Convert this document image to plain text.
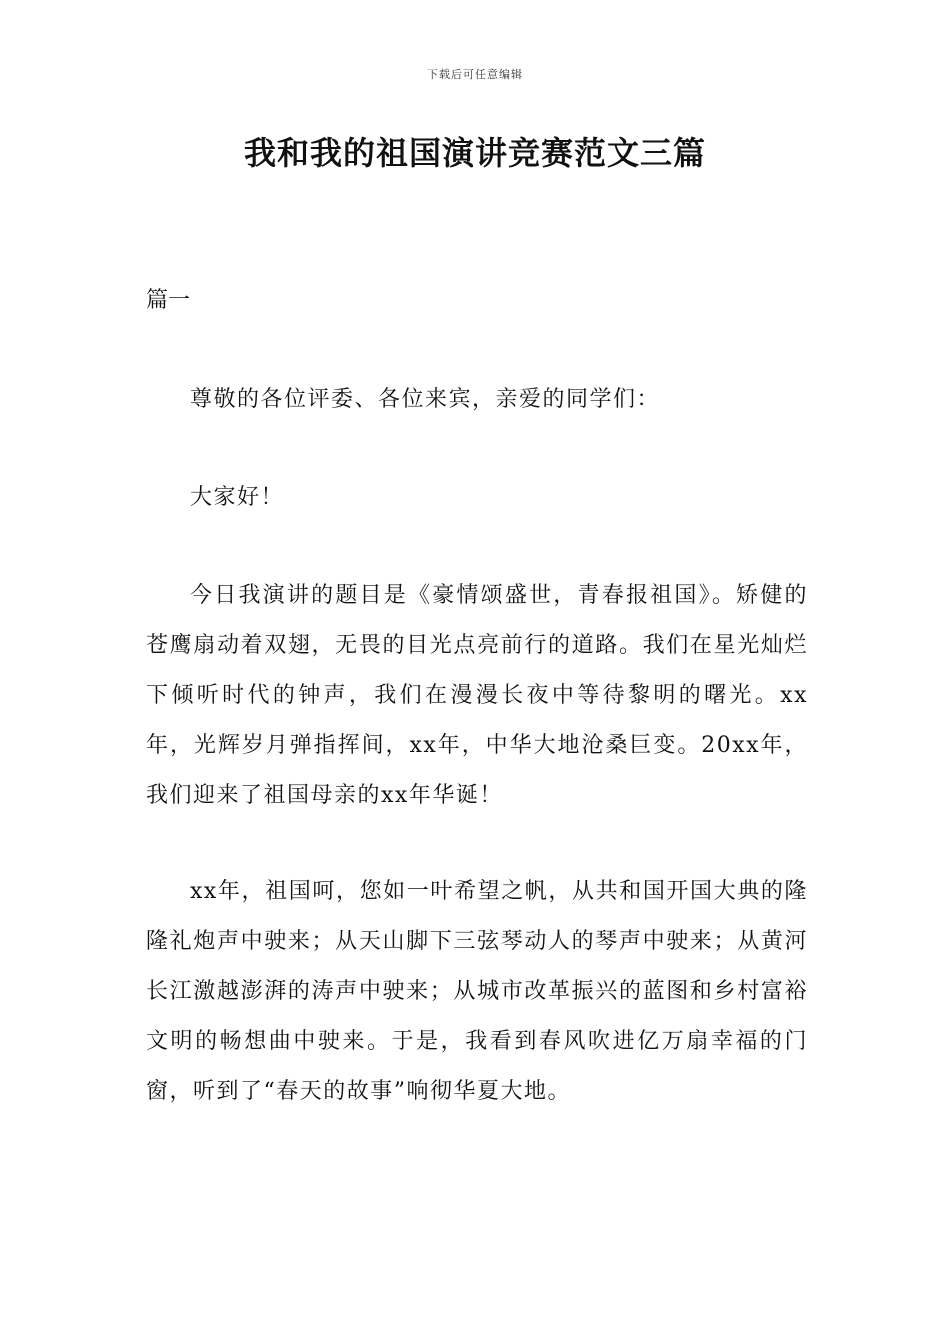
下载后可任意编辑
我和我的祖国演讲竞赛范文三篇

篇一

尊敬的各位评委、各位来宾，亲爱的同学们：

大家好！

今日我演讲的题目是《豪情颂盛世，青春报祖国》。矫健的苍鹰扇动着双翅，无畏的目光点亮前行的道路。我们在星光灿烂下倾听时代的钟声，我们在漫漫长夜中等待黎明的曙光。xx年，光辉岁月弹指挥间，xx年，中华大地沧桑巨变。20xx年，我们迎来了祖国母亲的xx年华诞！

xx年，祖国呵，您如一叶希望之帆，从共和国开国大典的隆隆礼炮声中驶来；从天山脚下三弦琴动人的琴声中驶来；从黄河长江激越澎湃的涛声中驶来；从城市改革振兴的蓝图和乡村富裕文明的畅想曲中驶来。于是，我看到春风吹进亿万扇幸福的门窗，听到了“春天的故事”响彻华夏大地。
